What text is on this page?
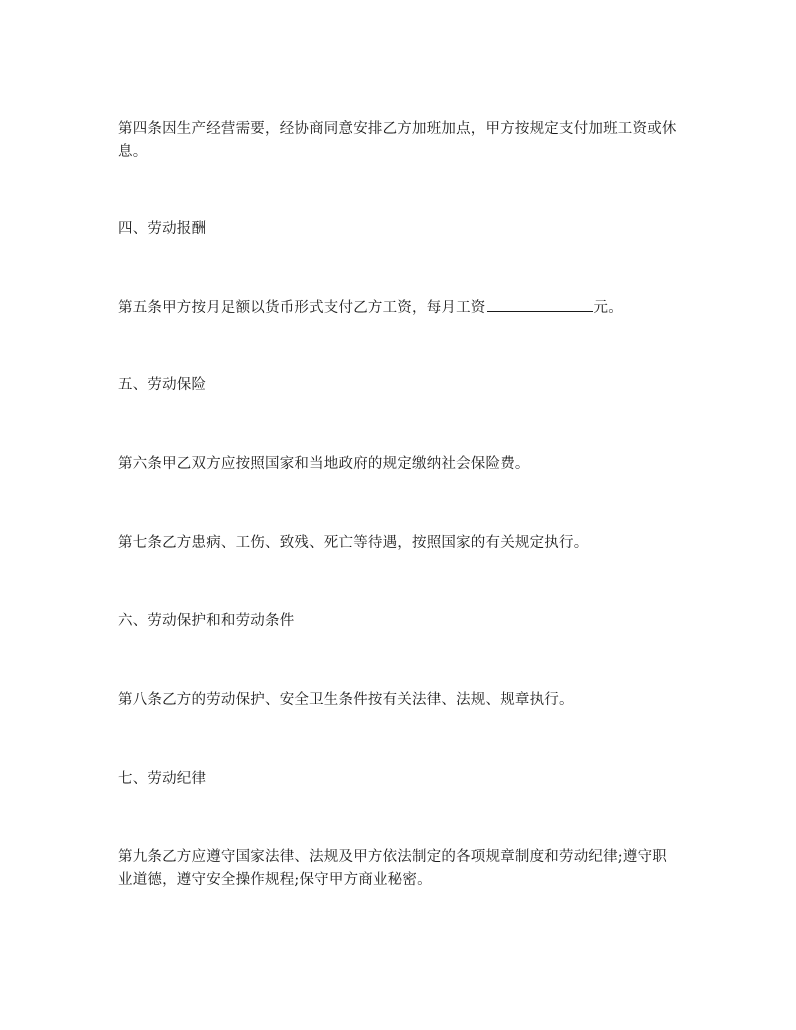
第四条因生产经营需要，经协商同意安排乙方加班加点，甲方按规定支付加班工资或休息。

四、劳动报酬

第五条甲方按月足额以货币形式支付乙方工资，每月工资	元。

五、劳动保险

第六条甲乙双方应按照国家和当地政府的规定缴纳社会保险费。

第七条乙方患病、工伤、致残、死亡等待遇，按照国家的有关规定执行。

六、劳动保护和和劳动条件

第八条乙方的劳动保护、安全卫生条件按有关法律、法规、规章执行。

七、劳动纪律

第九条乙方应遵守国家法律、法规及甲方依法制定的各项规章制度和劳动纪律;遵守职业道德，遵守安全操作规程;保守甲方商业秘密。
